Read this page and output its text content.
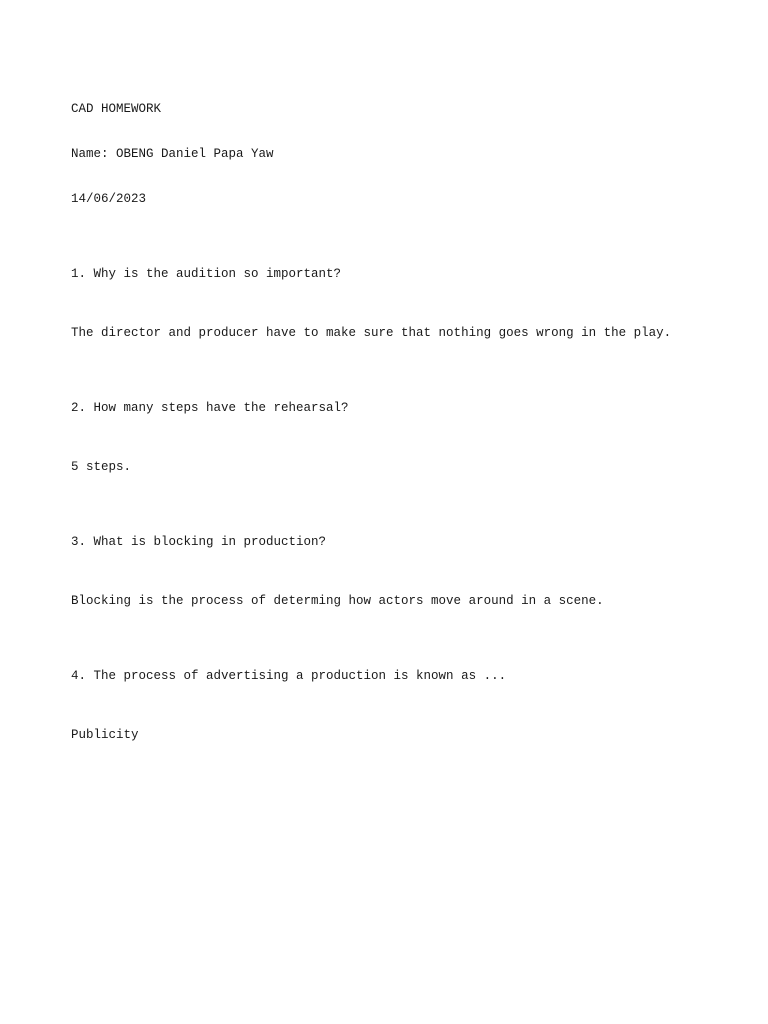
CAD HOMEWORK

Name: OBENG Daniel Papa Yaw

14/06/2023

1. Why is the audition so important?

The director and producer have to make sure that nothing goes wrong in the play.

2. How many steps have the rehearsal?

5 steps.

3. What is blocking in production?

Blocking is the process of determing how actors move around in a scene.

4. The process of advertising a production is known as ...

Publicity
